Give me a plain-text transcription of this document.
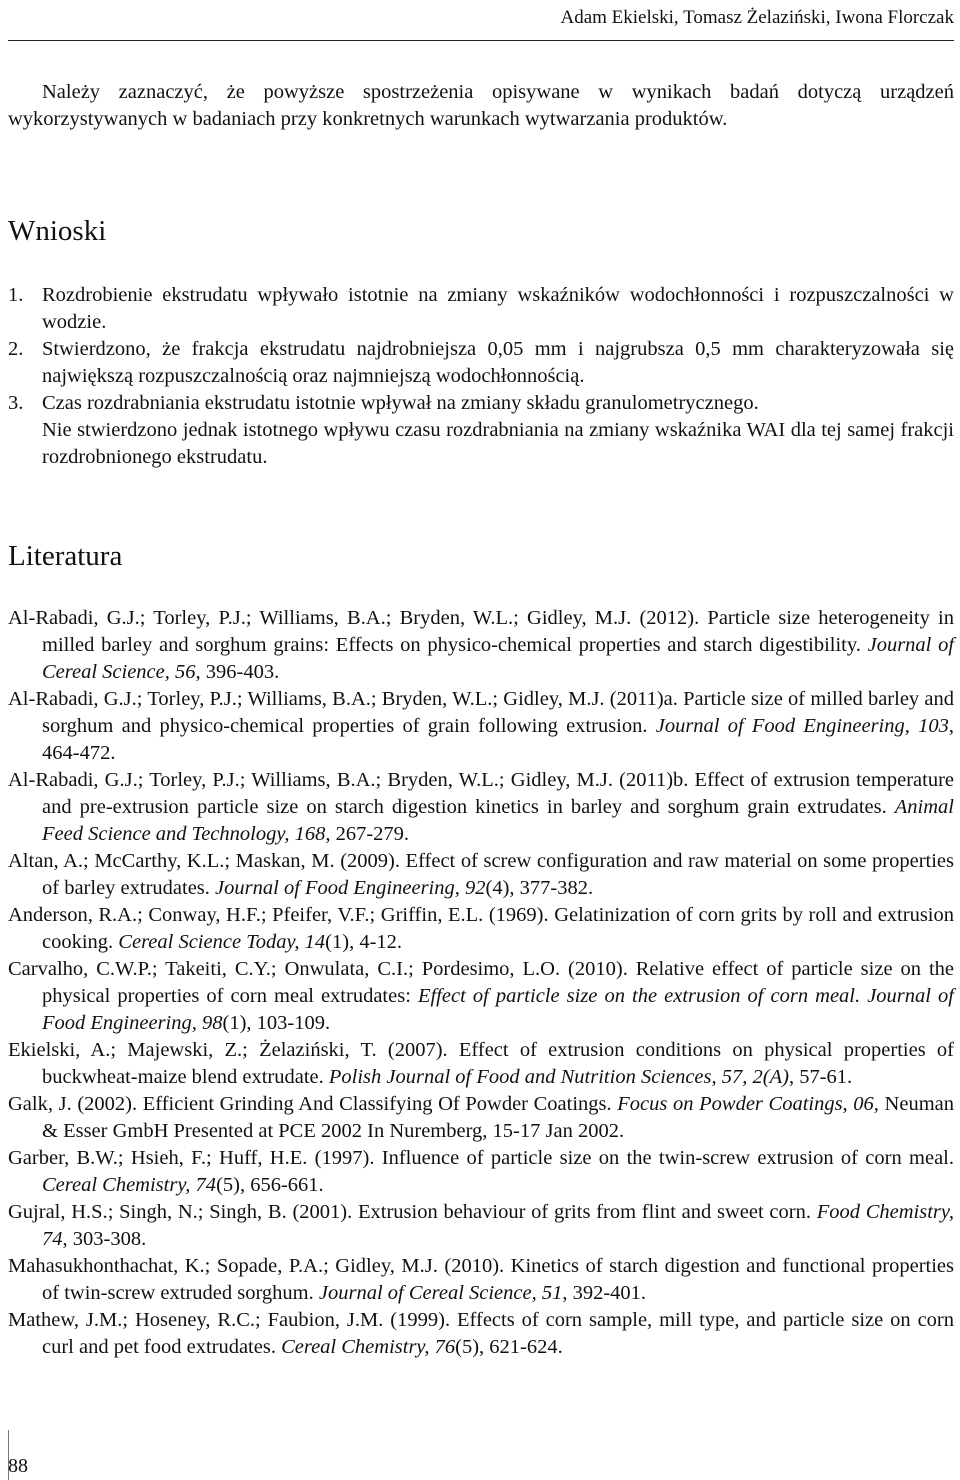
Adam Ekielski, Tomasz Żelaziński, Iwona Florczak

Należy zaznaczyć, że powyższe spostrzeżenia opisywane w wynikach badań dotyczą urządzeń wykorzystywanych w badaniach przy konkretnych warunkach wytwarzania produktów.

Wnioski

1. Rozdrobienie ekstrudatu wpływało istotnie na zmiany wskaźników wodochłonności i rozpuszczalności w wodzie.

2. Stwierdzono, że frakcja ekstrudatu najdrobniejsza 0,05 mm i najgrubsza 0,5 mm charakteryzowała się największą rozpuszczalnością oraz najmniejszą wodochłonnością.

3. Czas rozdrabniania ekstrudatu istotnie wpływał na zmiany składu granulometrycznego.

Nie stwierdzono jednak istotnego wpływu czasu rozdrabniania na zmiany wskaźnika WAI dla tej samej frakcji rozdrobnionego ekstrudatu.

Literatura

Al-Rabadi, G.J.; Torley, P.J.; Williams, B.A.; Bryden, W.L.; Gidley, M.J. (2012). Particle size heterogeneity in milled barley and sorghum grains: Effects on physico-chemical properties and starch digestibility. Journal of Cereal Science, 56, 396-403.

Al-Rabadi, G.J.; Torley, P.J.; Williams, B.A.; Bryden, W.L.; Gidley, M.J. (2011)a. Particle size of milled barley and sorghum and physico-chemical properties of grain following extrusion. Journal of Food Engineering, 103, 464-472.

Al-Rabadi, G.J.; Torley, P.J.; Williams, B.A.; Bryden, W.L.; Gidley, M.J. (2011)b. Effect of extrusion temperature and pre-extrusion particle size on starch digestion kinetics in barley and sorghum grain extrudates. Animal Feed Science and Technology, 168, 267-279.

Altan, A.; McCarthy, K.L.; Maskan, M. (2009). Effect of screw configuration and raw material on some properties of barley extrudates. Journal of Food Engineering, 92(4), 377-382.

Anderson, R.A.; Conway, H.F.; Pfeifer, V.F.; Griffin, E.L. (1969). Gelatinization of corn grits by roll and extrusion cooking. Cereal Science Today, 14(1), 4-12.

Carvalho, C.W.P.; Takeiti, C.Y.; Onwulata, C.I.; Pordesimo, L.O. (2010). Relative effect of particle size on the physical properties of corn meal extrudates: Effect of particle size on the extrusion of corn meal. Journal of Food Engineering, 98(1), 103-109.

Ekielski, A.; Majewski, Z.; Żelaziński, T. (2007). Effect of extrusion conditions on physical properties of buckwheat-maize blend extrudate. Polish Journal of Food and Nutrition Sciences, 57, 2(A), 57-61.

Galk, J. (2002). Efficient Grinding And Classifying Of Powder Coatings. Focus on Powder Coatings, 06, Neuman & Esser GmbH Presented at PCE 2002 In Nuremberg, 15-17 Jan 2002.

Garber, B.W.; Hsieh, F.; Huff, H.E. (1997). Influence of particle size on the twin-screw extrusion of corn meal. Cereal Chemistry, 74(5), 656-661.

Gujral, H.S.; Singh, N.; Singh, B. (2001). Extrusion behaviour of grits from flint and sweet corn. Food Chemistry, 74, 303-308.

Mahasukhonthachat, K.; Sopade, P.A.; Gidley, M.J. (2010). Kinetics of starch digestion and functional properties of twin-screw extruded sorghum. Journal of Cereal Science, 51, 392-401.

Mathew, J.M.; Hoseney, R.C.; Faubion, J.M. (1999). Effects of corn sample, mill type, and particle size on corn curl and pet food extrudates. Cereal Chemistry, 76(5), 621-624.

88
